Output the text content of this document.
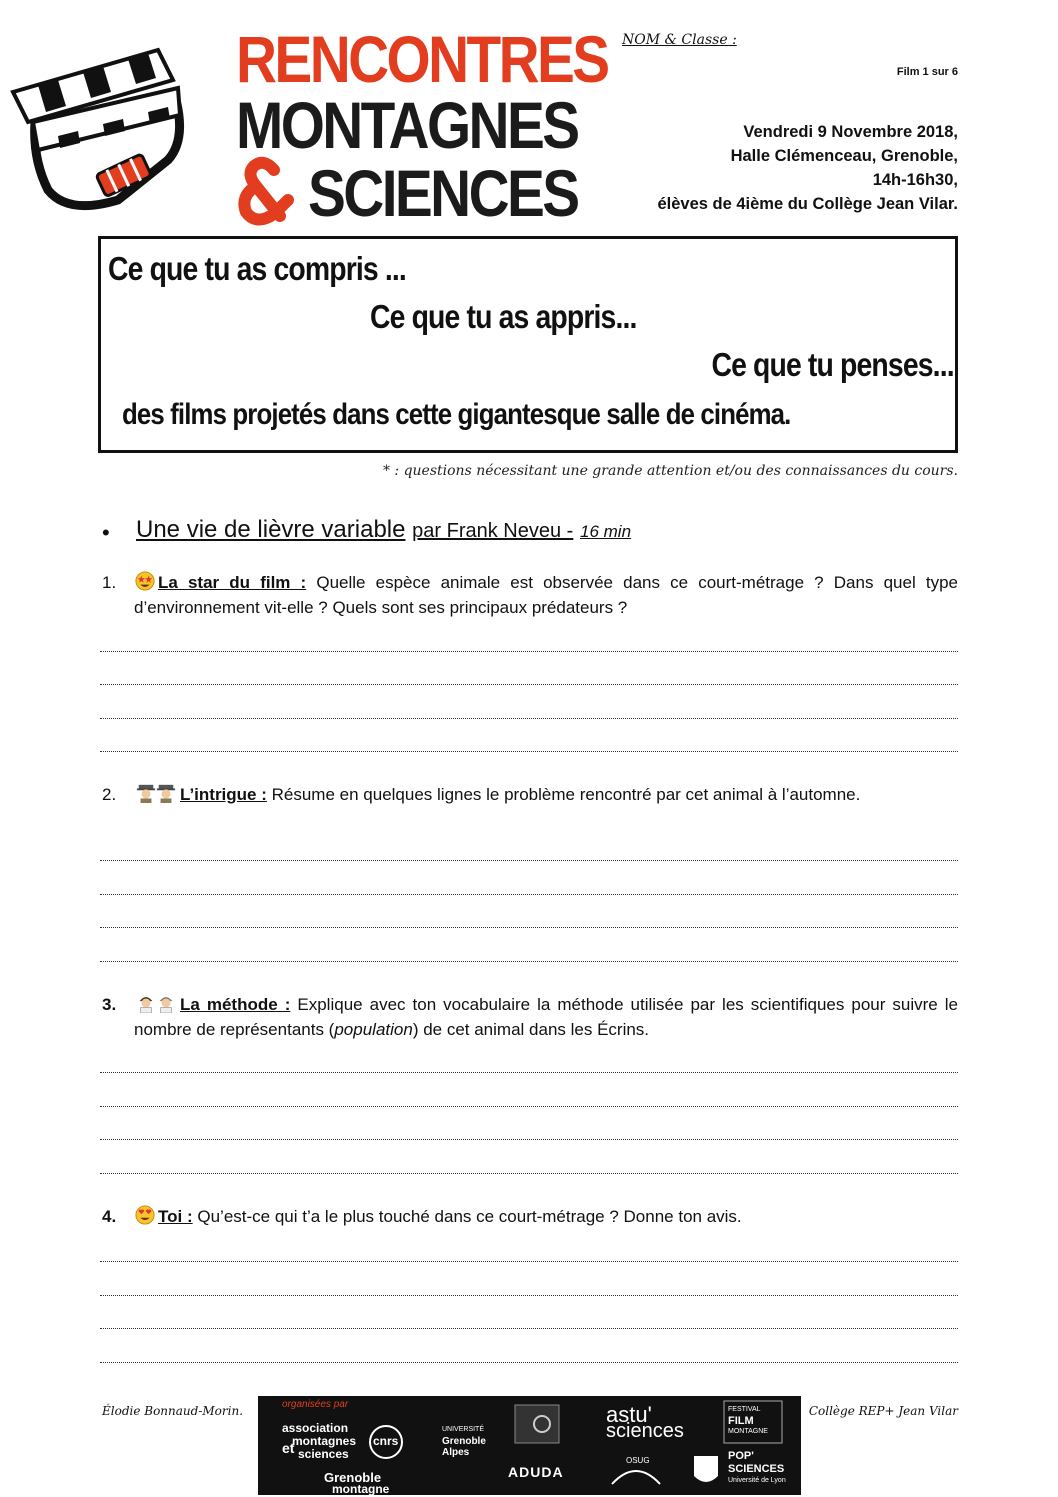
RENCONTRES
MONTAGNES
SCIENCES
NOM & Classe :
Film 1 sur 6
Vendredi 9 Novembre 2018,
Halle Clémenceau, Grenoble,
14h-16h30,
élèves de 4ième du Collège Jean Vilar.
Ce que tu as compris ...
Ce que tu as appris...
Ce que tu penses...
des films projetés dans cette gigantesque salle de cinéma.
* : questions nécessitant une grande attention et/ou des connaissances du cours.
• Une vie de lièvre variable par Frank Neveu - 16 min
1.	La star du film : Quelle espèce animale est observée dans ce court-métrage ? Dans quel type d’environnement vit-elle ? Quels sont ses principaux prédateurs ?
2.	L’intrigue : Résume en quelques lignes le problème rencontré par cet animal à l’automne.
3.	La méthode : Explique avec ton vocabulaire la méthode utilisée par les scientifiques pour suivre le nombre de représentants (population) de cet animal dans les Écrins.
4.	Toi : Qu’est-ce qui t’a le plus touché dans ce court-métrage ? Donne ton avis.
Élodie Bonnaud-Morin.	Collège REP+ Jean Vilar
organisées par
association
montagnes
et sciences
cnrs
UNIVERSITÉ
Grenoble
Alpes
astu'
sciences
ADUDA
OSUG
FESTIVAL
FILM
MONTAGNE
POP'
SCIENCES
Université de Lyon
Grenoble
montagne
